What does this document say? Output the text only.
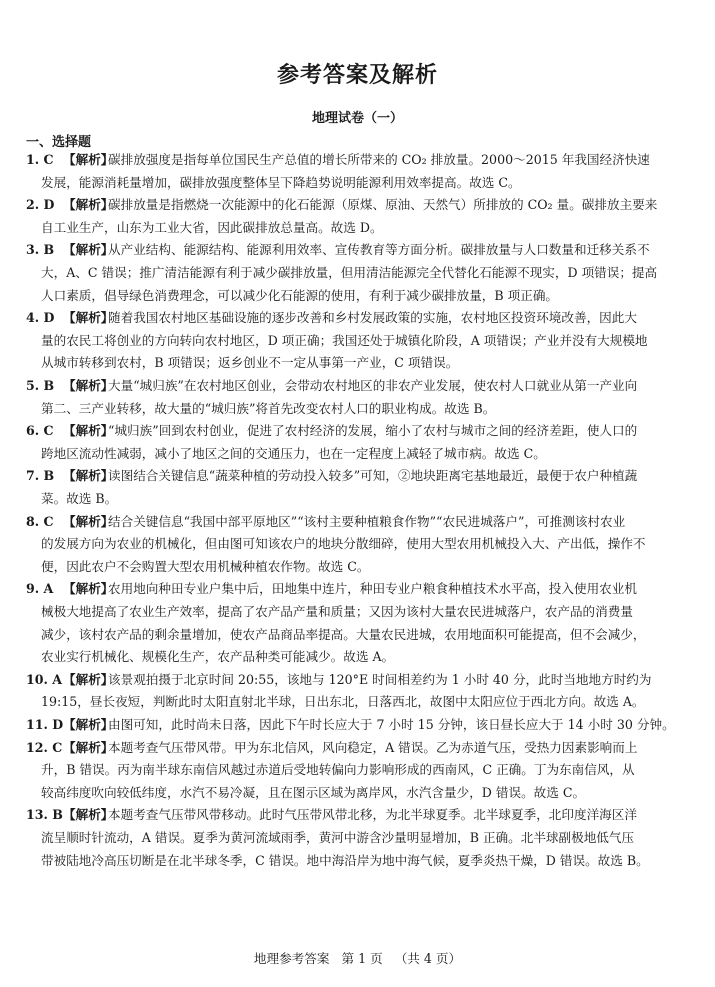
参考答案及解析
地理试卷（一）
一、选择题
1. C 【解析】
碳排放强度是指每单位国民生产总值的增长所带来的 CO₂ 排放量。2000～2015 年我国经济快速
发展，能源消耗量增加，碳排放强度整体呈下降趋势说明能源利用效率提高。故选 C。
2. D 【解析】
碳排放量是指燃烧一次能源中的化石能源（原煤、原油、天然气）所排放的 CO₂ 量。碳排放主要来
自工业生产，山东为工业大省，因此碳排放总量高。故选 D。
3. B 【解析】
从产业结构、能源结构、能源利用效率、宣传教育等方面分析。碳排放量与人口数量和迁移关系不
大，A、C 错误；推广清洁能源有利于减少碳排放量，但用清洁能源完全代替化石能源不现实，D 项错误；提高
人口素质，倡导绿色消费理念，可以减少化石能源的使用，有利于减少碳排放量，B 项正确。
4. D 【解析】
随着我国农村地区基础设施的逐步改善和乡村发展政策的实施，农村地区投资环境改善，因此大
量的农民工将创业的方向转向农村地区，D 项正确；我国还处于城镇化阶段，A 项错误；产业并没有大规模地
从城市转移到农村，B 项错误；返乡创业不一定从事第一产业，C 项错误。
5. B 【解析】
大量“城归族”在农村地区创业，会带动农村地区的非农产业发展，使农村人口就业从第一产业向
第二、三产业转移，故大量的“城归族”将首先改变农村人口的职业构成。故选 B。
6. C 【解析】
“城归族”回到农村创业，促进了农村经济的发展，缩小了农村与城市之间的经济差距，使人口的
跨地区流动性减弱，减小了地区之间的交通压力，也在一定程度上减轻了城市病。故选 C。
7. B 【解析】
读图结合关键信息“蔬菜种植的劳动投入较多”可知，②地块距离宅基地最近，最便于农户种植蔬
菜。故选 B。
8. C 【解析】
结合关键信息“我国中部平原地区”“该村主要种植粮食作物”“农民进城落户”，可推测该村农业
的发展方向为农业的机械化，但由图可知该农户的地块分散细碎，使用大型农用机械投入大、产出低，操作不
便，因此农户不会购置大型农用机械种植农作物。故选 C。
9. A 【解析】
农用地向种田专业户集中后，田地集中连片，种田专业户粮食种植技术水平高，投入使用农业机
械极大地提高了农业生产效率，提高了农产品产量和质量；又因为该村大量农民进城落户，农产品的消费量
减少，该村农产品的剩余量增加，使农产品商品率提高。大量农民进城，农用地面积可能提高，但不会减少，
农业实行机械化、规模化生产，农产品种类可能减少。故选 A。
10. A 【解析】
该景观拍摄于北京时间 20:55，该地与 120°E 时间相差约为 1 小时 40 分，此时当地地方时约为
19:15，昼长夜短，判断此时太阳直射北半球，日出东北，日落西北，故图中太阳应位于西北方向。故选 A。
11. D 【解析】
由图可知，此时尚未日落，因此下午时长应大于 7 小时 15 分钟，该日昼长应大于 14 小时 30 分钟。
12. C 【解析】
本题考查气压带风带。甲为东北信风，风向稳定，A 错误。乙为赤道气压，受热力因素影响而上
升，B 错误。丙为南半球东南信风越过赤道后受地转偏向力影响形成的西南风，C 正确。丁为东南信风，从
较高纬度吹向较低纬度，水汽不易冷凝，且在图示区域为离岸风，水汽含量少，D 错误。故选 C。
13. B 【解析】
本题考查气压带风带移动。此时气压带风带北移，为北半球夏季。北半球夏季，北印度洋海区洋
流呈顺时针流动，A 错误。夏季为黄河流域雨季，黄河中游含沙量明显增加，B 正确。北半球副极地低气压
带被陆地冷高压切断是在北半球冬季，C 错误。地中海沿岸为地中海气候，夏季炎热干燥，D 错误。故选 B。
地理参考答案 第 1 页 （共 4 页）
